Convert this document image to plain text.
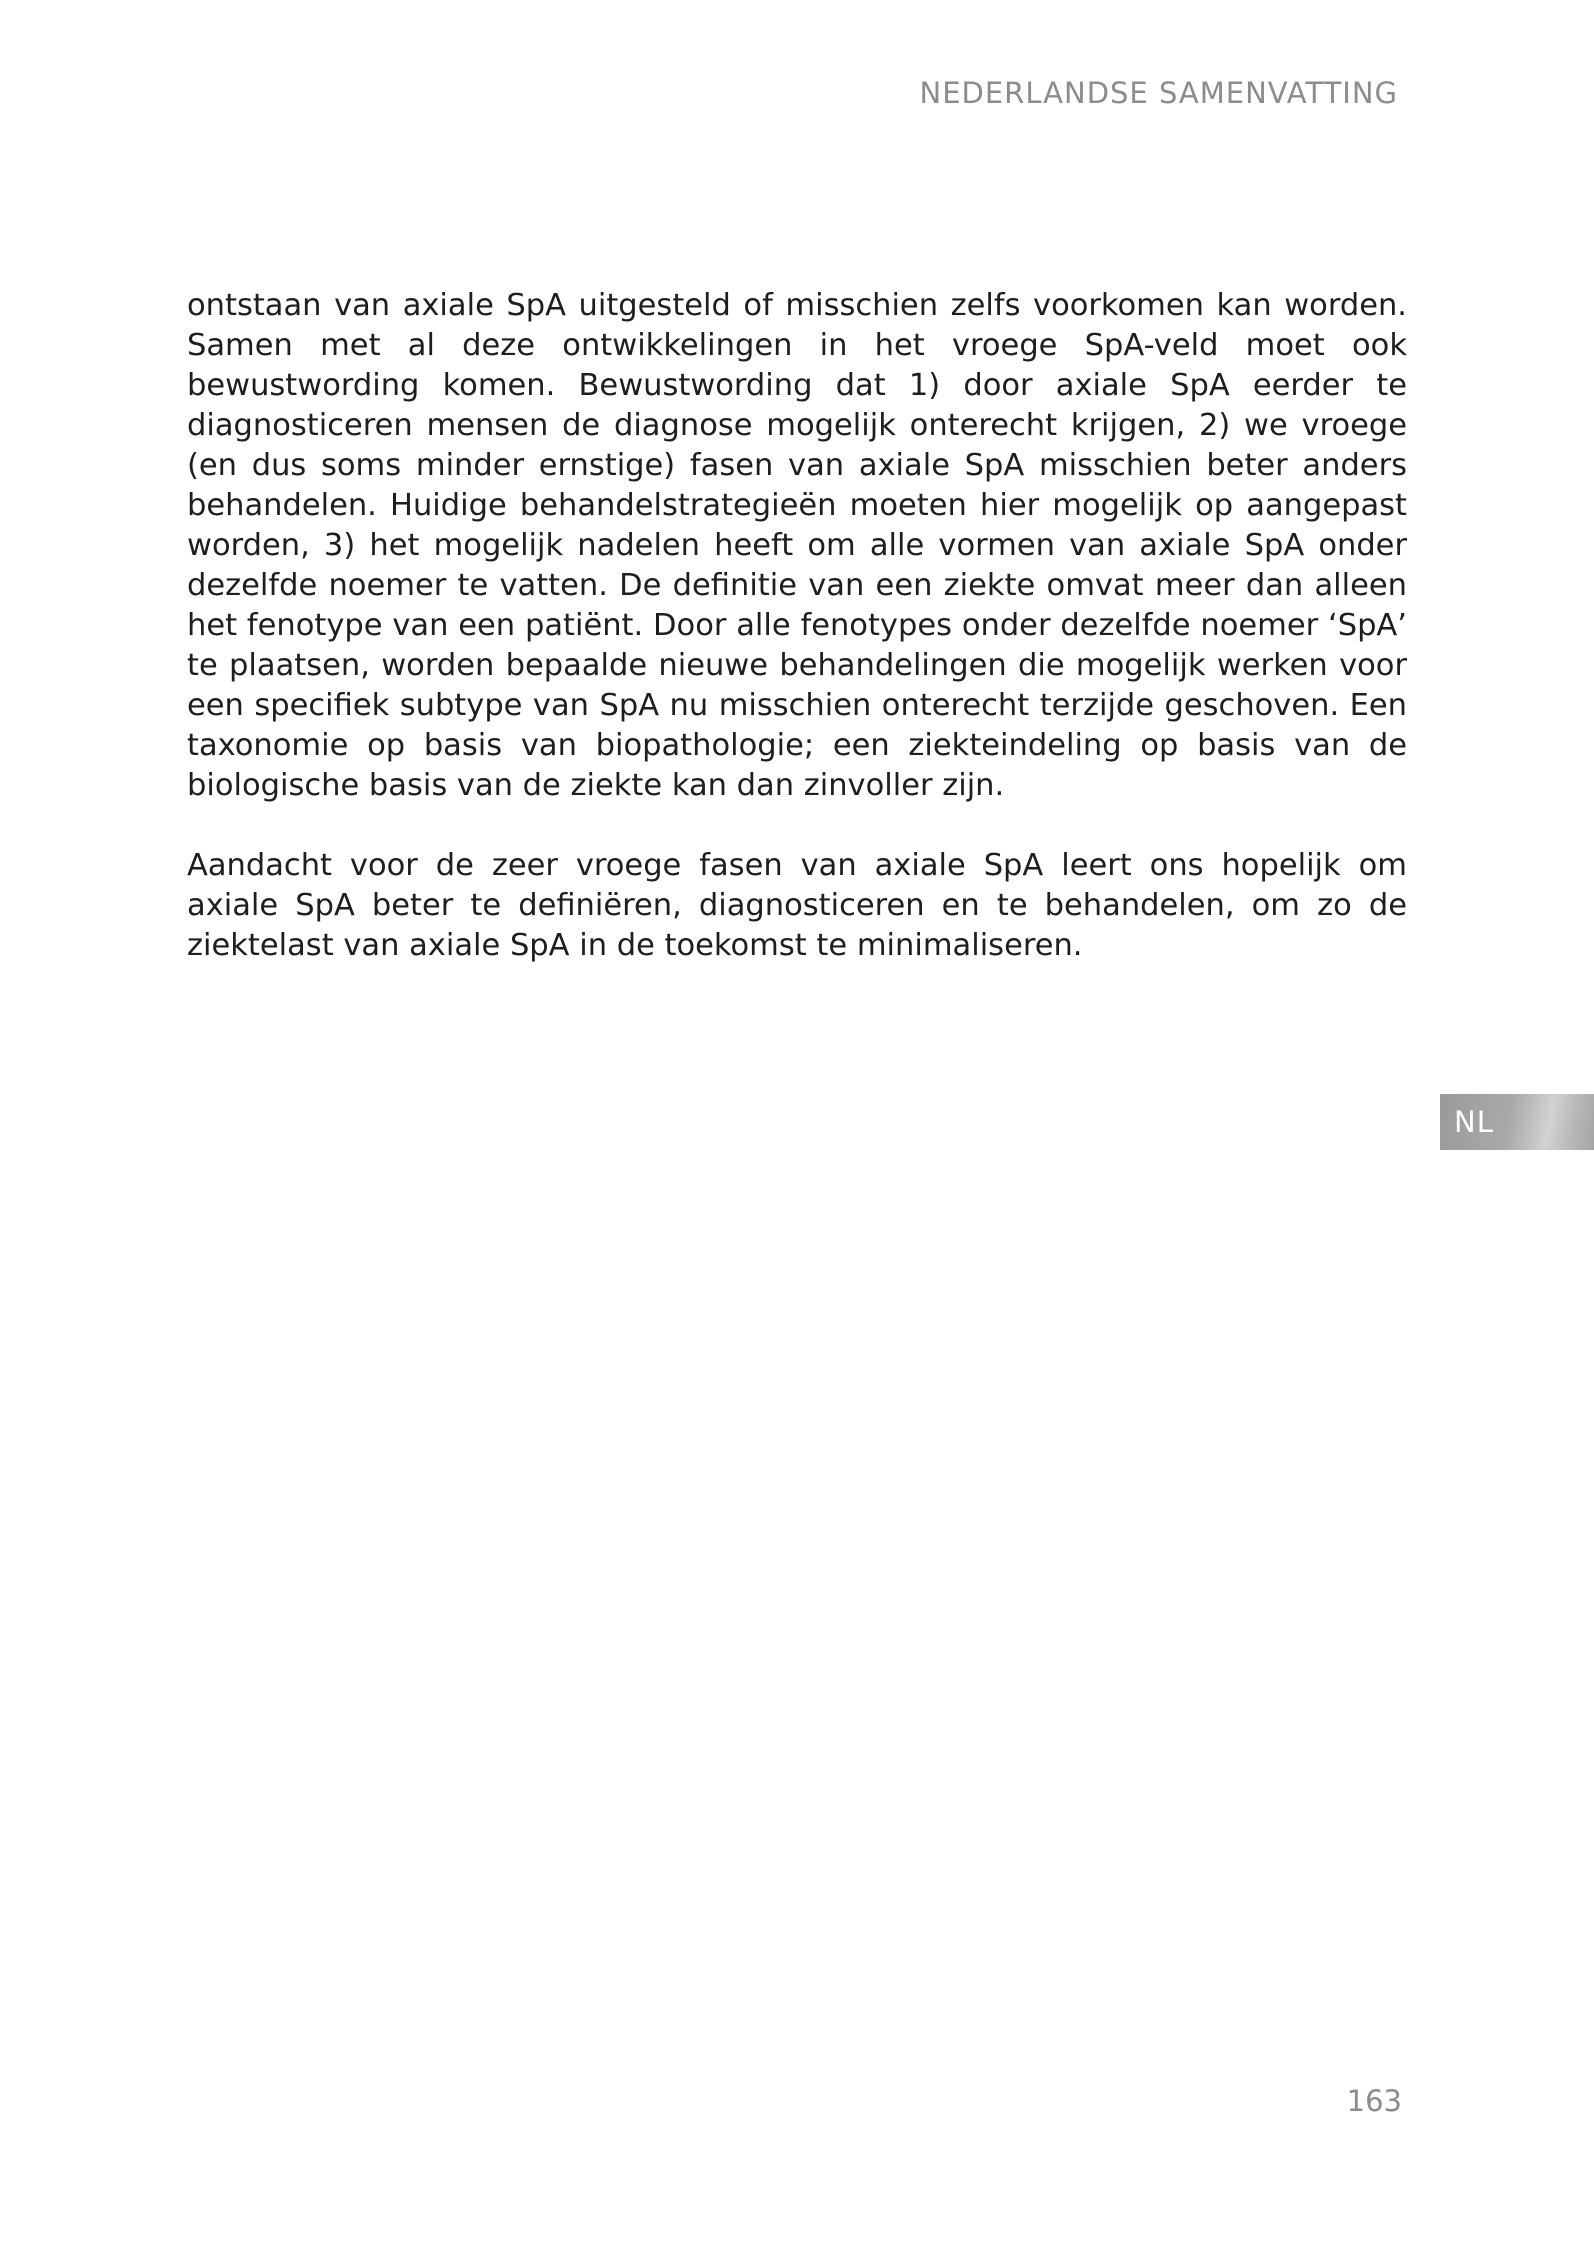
NEDERLANDSE SAMENVATTING

ontstaan van axiale SpA uitgesteld of misschien zelfs voorkomen kan worden. Samen met al deze ontwikkelingen in het vroege SpA-veld moet ook bewustwording komen. Bewustwording dat 1) door axiale SpA eerder te diagnosticeren mensen de diagnose mogelijk onterecht krijgen, 2) we vroege (en dus soms minder ernstige) fasen van axiale SpA misschien beter anders behandelen. Huidige behandelstrategieën moeten hier mogelijk op aangepast worden, 3) het mogelijk nadelen heeft om alle vormen van axiale SpA onder dezelfde noemer te vatten. De definitie van een ziekte omvat meer dan alleen het fenotype van een patiënt. Door alle fenotypes onder dezelfde noemer ‘SpA’ te plaatsen, worden bepaalde nieuwe behandelingen die mogelijk werken voor een specifiek subtype van SpA nu misschien onterecht terzijde geschoven. Een taxonomie op basis van biopathologie; een ziekteindeling op basis van de biologische basis van de ziekte kan dan zinvoller zijn.

Aandacht voor de zeer vroege fasen van axiale SpA leert ons hopelijk om axiale SpA beter te definiëren, diagnosticeren en te behandelen, om zo de ziektelast van axiale SpA in de toekomst te minimaliseren.

NL
163
